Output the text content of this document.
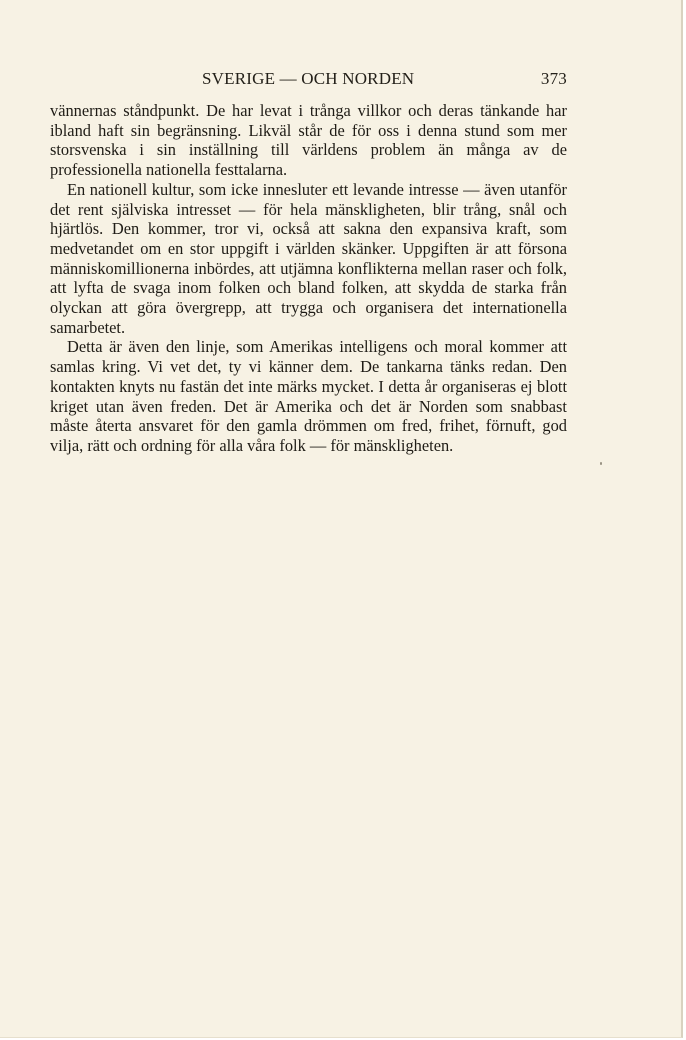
SVERIGE — OCH NORDEN	373

vännernas ståndpunkt. De har levat i trånga villkor och deras tänkande har ibland haft sin begränsning. Likväl står de för oss i denna stund som mer storsvenska i sin inställning till världens problem än många av de professionella nationella festtalarna.

En nationell kultur, som icke innesluter ett levande intresse — även utanför det rent själviska intresset — för hela mänskligheten, blir trång, snål och hjärtlös. Den kommer, tror vi, också att sakna den expansiva kraft, som medvetandet om en stor uppgift i världen skänker. Uppgiften är att försona människomillionerna inbördes, att utjämna konflikterna mellan raser och folk, att lyfta de svaga inom folken och bland folken, att skydda de starka från olyckan att göra övergrepp, att trygga och organisera det internationella samarbetet.

Detta är även den linje, som Amerikas intelligens och moral kommer att samlas kring. Vi vet det, ty vi känner dem. De tankarna tänks redan. Den kontakten knyts nu fastän det inte märks mycket. I detta år organiseras ej blott kriget utan även freden. Det är Amerika och det är Norden som snabbast måste återta ansvaret för den gamla drömmen om fred, frihet, förnuft, god vilja, rätt och ordning för alla våra folk — för mänskligheten.
